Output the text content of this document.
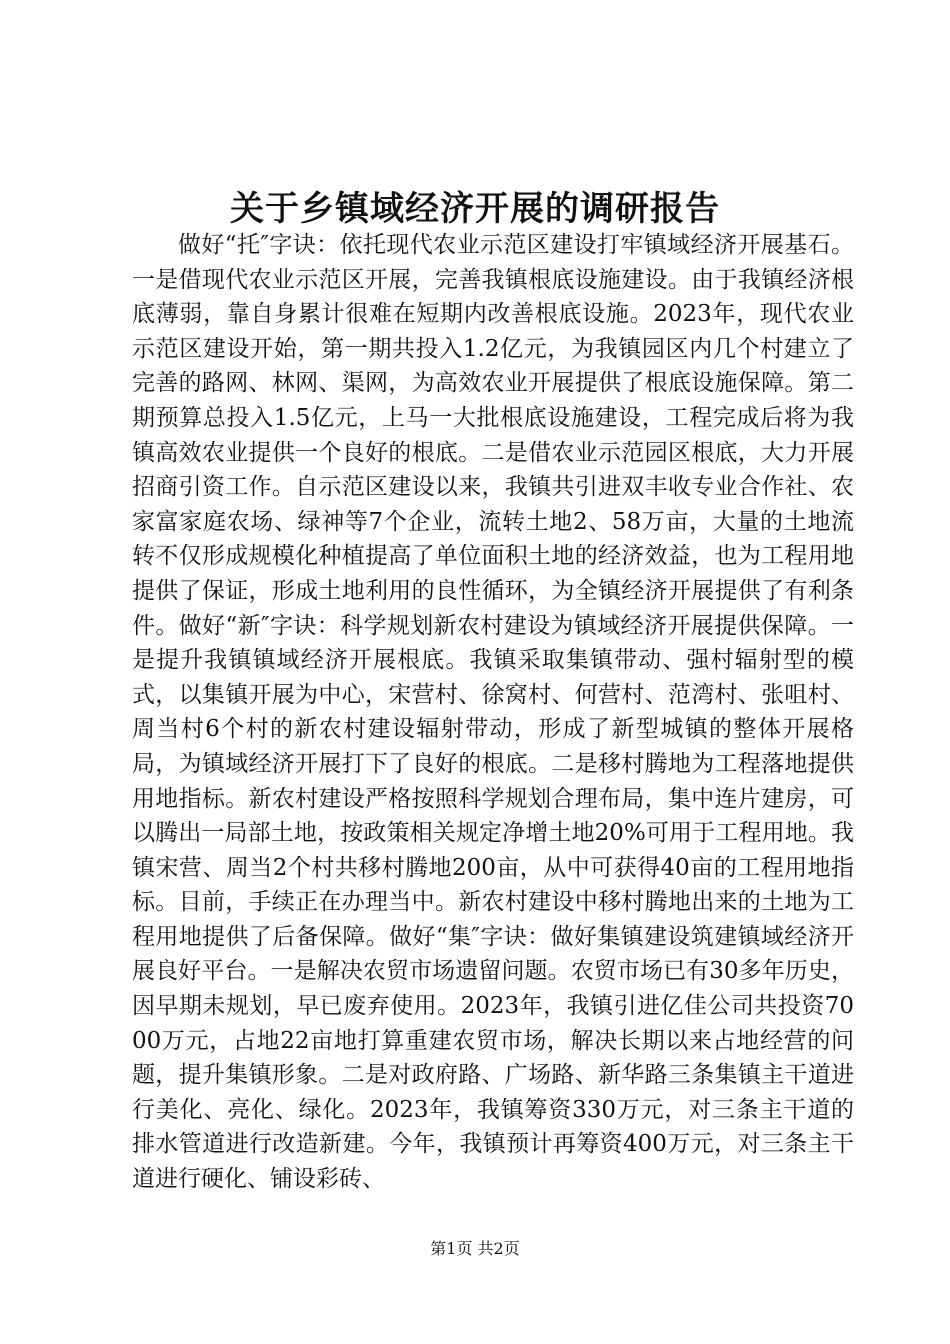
关于乡镇域经济开展的调研报告

做好“托″字诀：依托现代农业示范区建设打牢镇域经济开展基石。一是借现代农业示范区开展，完善我镇根底设施建设。由于我镇经济根底薄弱，靠自身累计很难在短期内改善根底设施。2023年，现代农业示范区建设开始，第一期共投入1.2亿元，为我镇园区内几个村建立了完善的路网、林网、渠网，为高效农业开展提供了根底设施保障。第二期预算总投入1.5亿元，上马一大批根底设施建设，工程完成后将为我镇高效农业提供一个良好的根底。二是借农业示范园区根底，大力开展招商引资工作。自示范区建设以来，我镇共引进双丰收专业合作社、农家富家庭农场、绿神等7个企业，流转土地2、58万亩，大量的土地流转不仅形成规模化种植提高了单位面积土地的经济效益，也为工程用地提供了保证，形成土地利用的良性循环，为全镇经济开展提供了有利条件。做好“新″字诀：科学规划新农村建设为镇域经济开展提供保障。一是提升我镇镇域经济开展根底。我镇采取集镇带动、强村辐射型的模式，以集镇开展为中心，宋营村、徐窝村、何营村、范湾村、张咀村、周当村6个村的新农村建设辐射带动，形成了新型城镇的整体开展格局，为镇域经济开展打下了良好的根底。二是移村腾地为工程落地提供用地指标。新农村建设严格按照科学规划合理布局，集中连片建房，可以腾出一局部土地，按政策相关规定净增土地20%可用于工程用地。我镇宋营、周当2个村共移村腾地200亩，从中可获得40亩的工程用地指标。目前，手续正在办理当中。新农村建设中移村腾地出来的土地为工程用地提供了后备保障。做好“集″字诀：做好集镇建设筑建镇域经济开展良好平台。一是解决农贸市场遗留问题。农贸市场已有30多年历史，因早期未规划，早已废弃使用。2023年，我镇引进亿佳公司共投资7000万元，占地22亩地打算重建农贸市场，解决长期以来占地经营的问题，提升集镇形象。二是对政府路、广场路、新华路三条集镇主干道进行美化、亮化、绿化。2023年，我镇筹资330万元，对三条主干道的排水管道进行改造新建。今年，我镇预计再筹资400万元，对三条主干道进行硬化、铺设彩砖、

第1页 共2页
